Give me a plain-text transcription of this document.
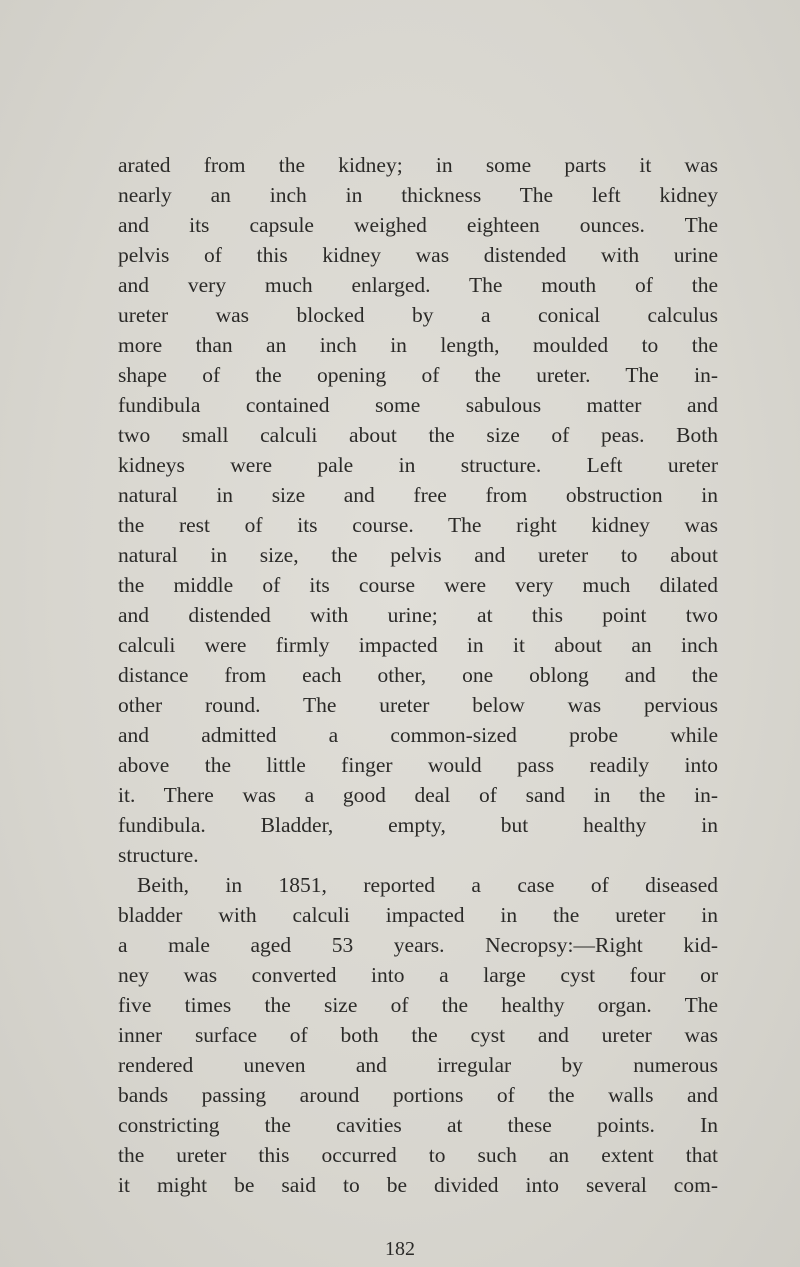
arated from the kidney; in some parts it was
nearly an inch in thickness The left kidney
and its capsule weighed eighteen ounces. The
pelvis of this kidney was distended with urine
and very much enlarged. The mouth of the
ureter was blocked by a conical calculus
more than an inch in length, moulded to the
shape of the opening of the ureter. The in-
fundibula contained some sabulous matter and
two small calculi about the size of peas. Both
kidneys were pale in structure. Left ureter
natural in size and free from obstruction in
the rest of its course. The right kidney was
natural in size, the pelvis and ureter to about
the middle of its course were very much dilated
and distended with urine; at this point two
calculi were firmly impacted in it about an inch
distance from each other, one oblong and the
other round. The ureter below was pervious
and admitted a common-sized probe while
above the little finger would pass readily into
it. There was a good deal of sand in the in-
fundibula. Bladder, empty, but healthy in
structure.
Beith, in 1851, reported a case of diseased
bladder with calculi impacted in the ureter in
a male aged 53 years. Necropsy:—Right kid-
ney was converted into a large cyst four or
five times the size of the healthy organ. The
inner surface of both the cyst and ureter was
rendered uneven and irregular by numerous
bands passing around portions of the walls and
constricting the cavities at these points. In
the ureter this occurred to such an extent that
it might be said to be divided into several com-
182
